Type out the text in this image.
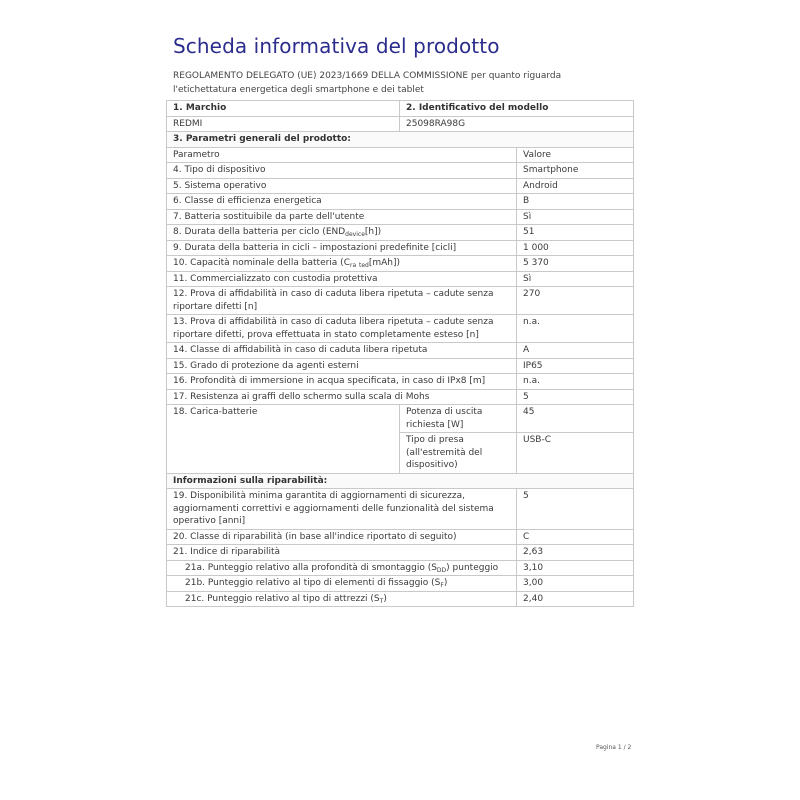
Scheda informativa del prodotto
REGOLAMENTO DELEGATO (UE) 2023/1669 DELLA COMMISSIONE per quanto riguarda
l'etichettatura energetica degli smartphone e dei tablet
1. Marchio	2. Identificativo del modello	
REDMI	25098RA98G	
3. Parametri generali del prodotto:		
Parametro		Valore
4. Tipo di dispositivo		Smartphone
5. Sistema operativo		Android
6. Classe di efficienza energetica		B
7. Batteria sostituibile da parte dell'utente		Sì
8. Durata della batteria per ciclo $(END_{device}[h])$		51
9. Durata della batteria in cicli – impostazioni predefinite [cicli]		1 000
10. Capacità nominale della batteria ($C_{ra}$ $_{ted}$[mAh])		5 370
11. Commercializzato con custodia protettiva		Sì
12. Prova di affidabilità in caso di caduta libera ripetuta – cadute senza riportare difetti [n]		270
13. Prova di affidabilità in caso di caduta libera ripetuta – cadute senza riportare difetti, prova effettuata in stato completamente esteso [n]		n.a.
14. Classe di affidabilità in caso di caduta libera ripetuta		A
15. Grado di protezione da agenti esterni		IP65
16. Profondità di immersione in acqua specificata, in caso di IPx8 [m]		n.a.
17. Resistenza ai graffi dello schermo sulla scala di Mohs		5
18. Carica-batterie	Potenza di uscita richiesta [W]	45
	Tipo di presa (all'estremità del dispositivo)	USB-C
Informazioni sulla riparabilità:		
19. Disponibilità minima garantita di aggiornamenti di sicurezza, aggiornamenti correttivi e aggiornamenti delle funzionalità del sistema operativo [anni]		5
20. Classe di riparabilità (in base all'indice riportato di seguito)		C
21. Indice di riparabilità		2,63
21a. Punteggio relativo alla profondità di smontaggio $(S_{DD})$ punteggio		3,10
21b. Punteggio relativo al tipo di elementi di fissaggio $(S_F)$		3,00
21c. Punteggio relativo al tipo di attrezzi $(S_T)$		2,40
Pagina 1 / 2
